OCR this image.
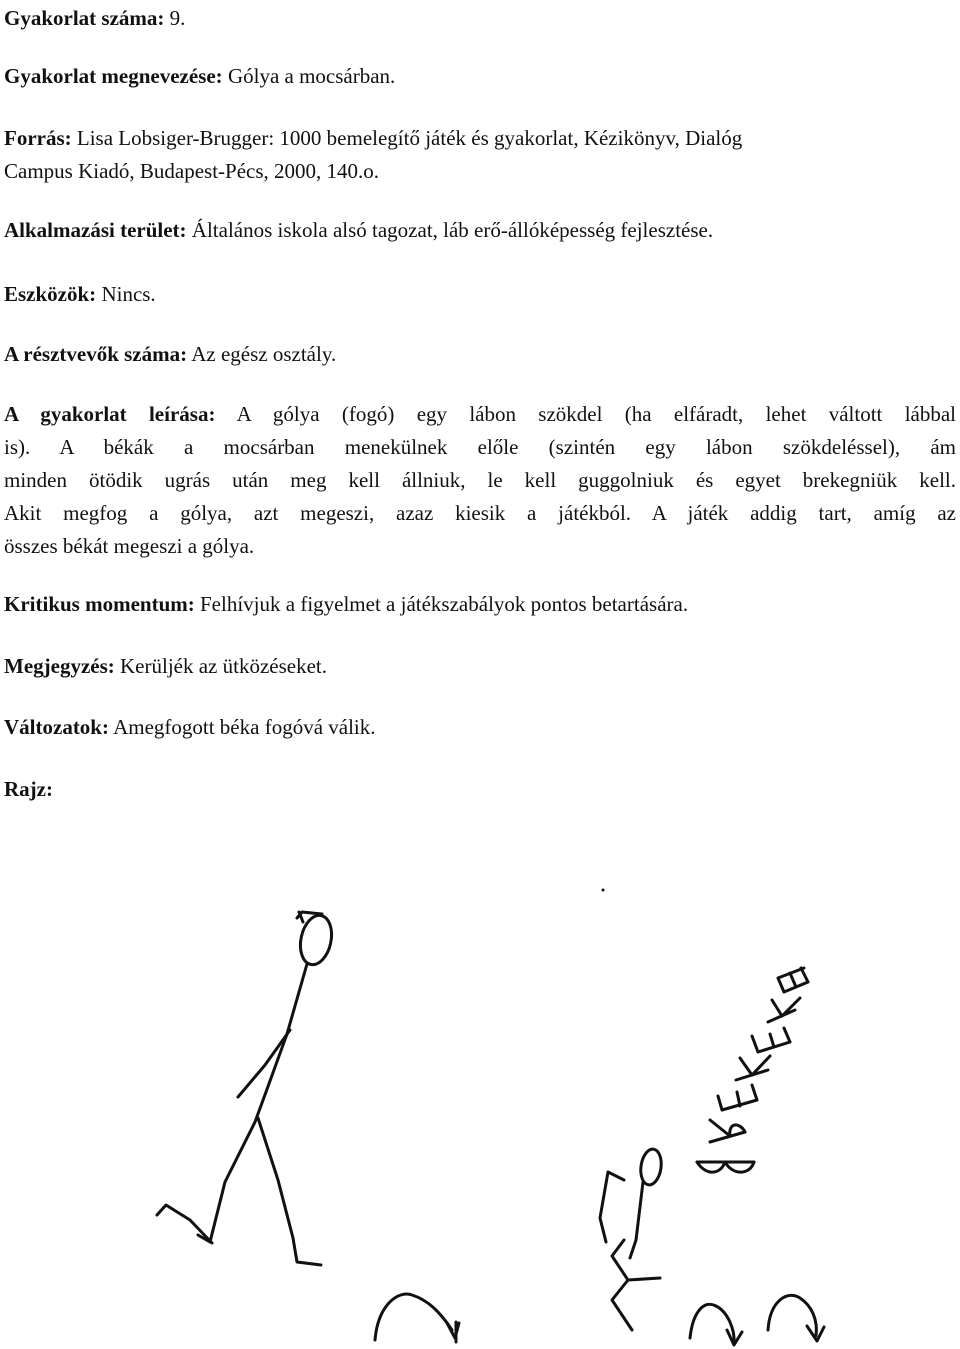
Gyakorlat száma: 9.
Gyakorlat megnevezése: Gólya a mocsárban.
Forrás: Lisa Lobsiger-Brugger: 1000 bemelegítő játék és gyakorlat, Kézikönyv, Dialóg
Campus Kiadó, Budapest-Pécs, 2000, 140.o.
Alkalmazási terület: Általános iskola alsó tagozat, láb erő-állóképesség fejlesztése.
Eszközök: Nincs.
A résztvevők száma: Az egész osztály.
A gyakorlat leírása: A gólya (fogó) egy lábon szökdel (ha elfáradt, lehet váltott lábbal
is). A békák a mocsárban menekülnek előle (szintén egy lábon szökdeléssel), ám
minden ötödik ugrás után meg kell állniuk, le kell guggolniuk és egyet brekegniük kell.
Akit megfog a gólya, azt megeszi, azaz kiesik a játékból. A játék addig tart, amíg az
összes békát megeszi a gólya.
Kritikus momentum: Felhívjuk a figyelmet a játékszabályok pontos betartására.
Megjegyzés: Kerüljék az ütközéseket.
Változatok: Amegfogott béka fogóvá válik.
Rajz:
